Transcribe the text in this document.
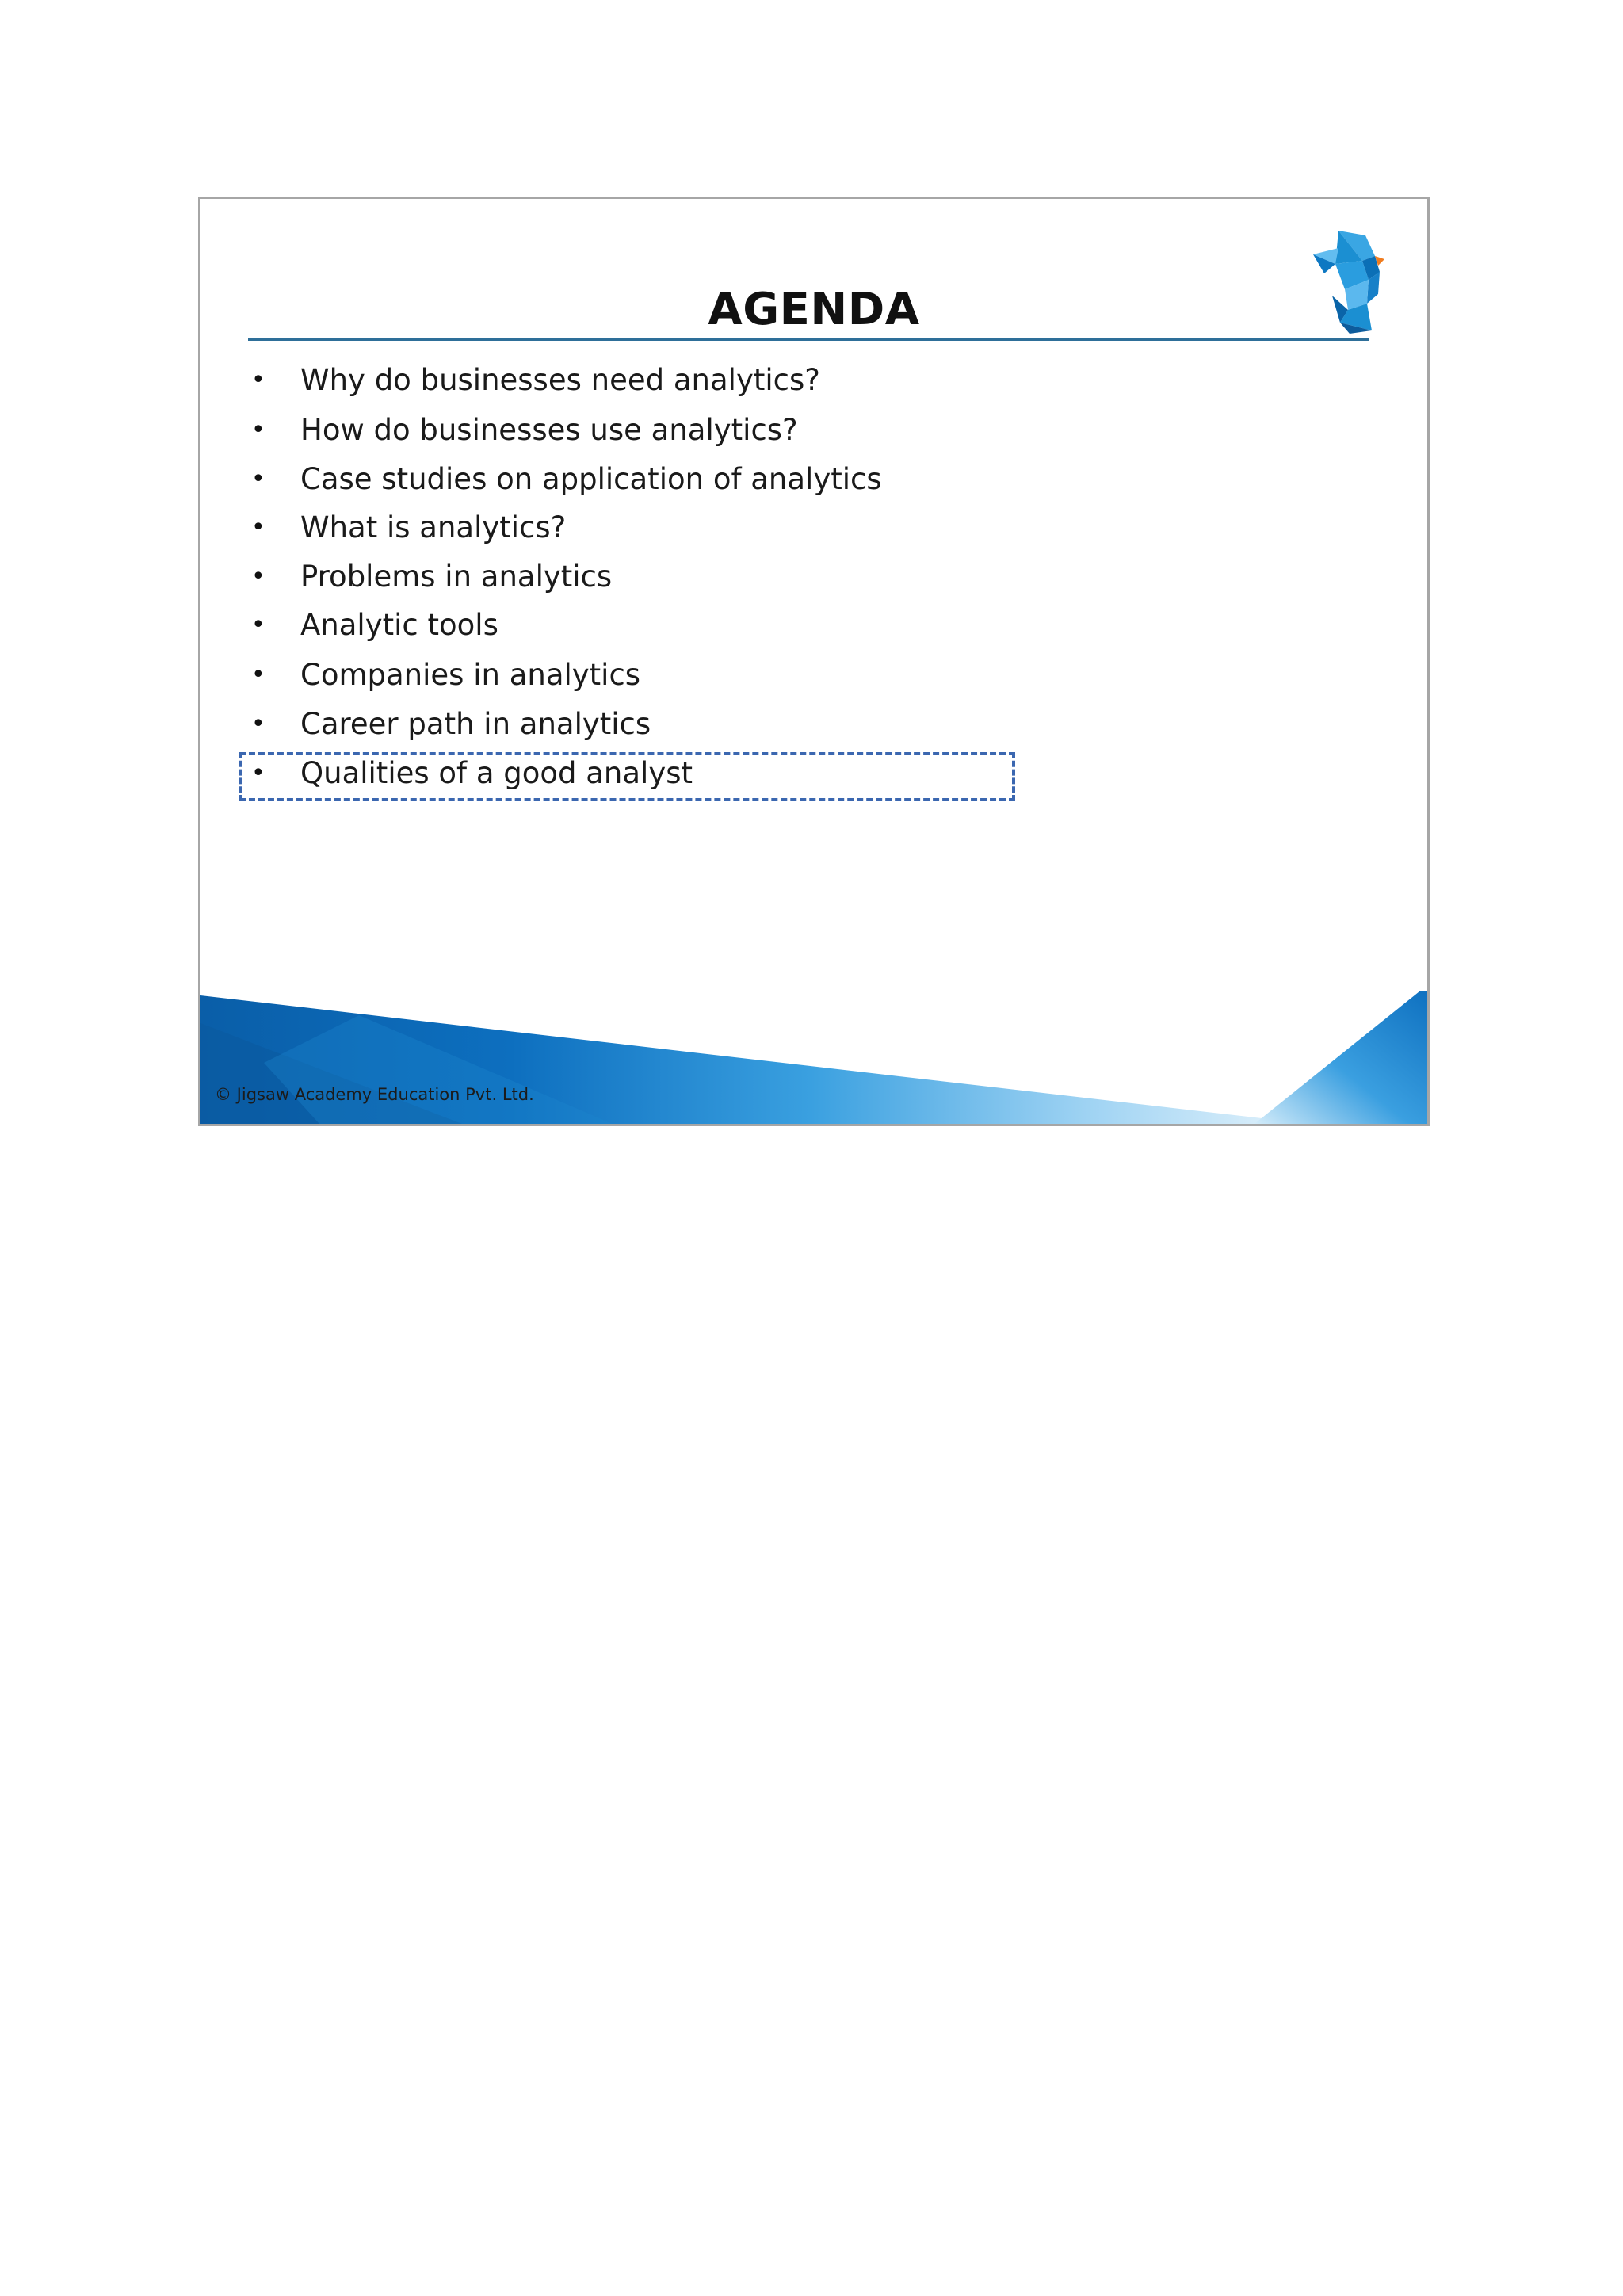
AGENDA
• Why do businesses need analytics?
• How do businesses use analytics?
• Case studies on application of analytics
• What is analytics?
• Problems in analytics
• Analytic tools
• Companies in analytics
• Career path in analytics
• Qualities of a good analyst
© Jigsaw Academy Education Pvt. Ltd.
